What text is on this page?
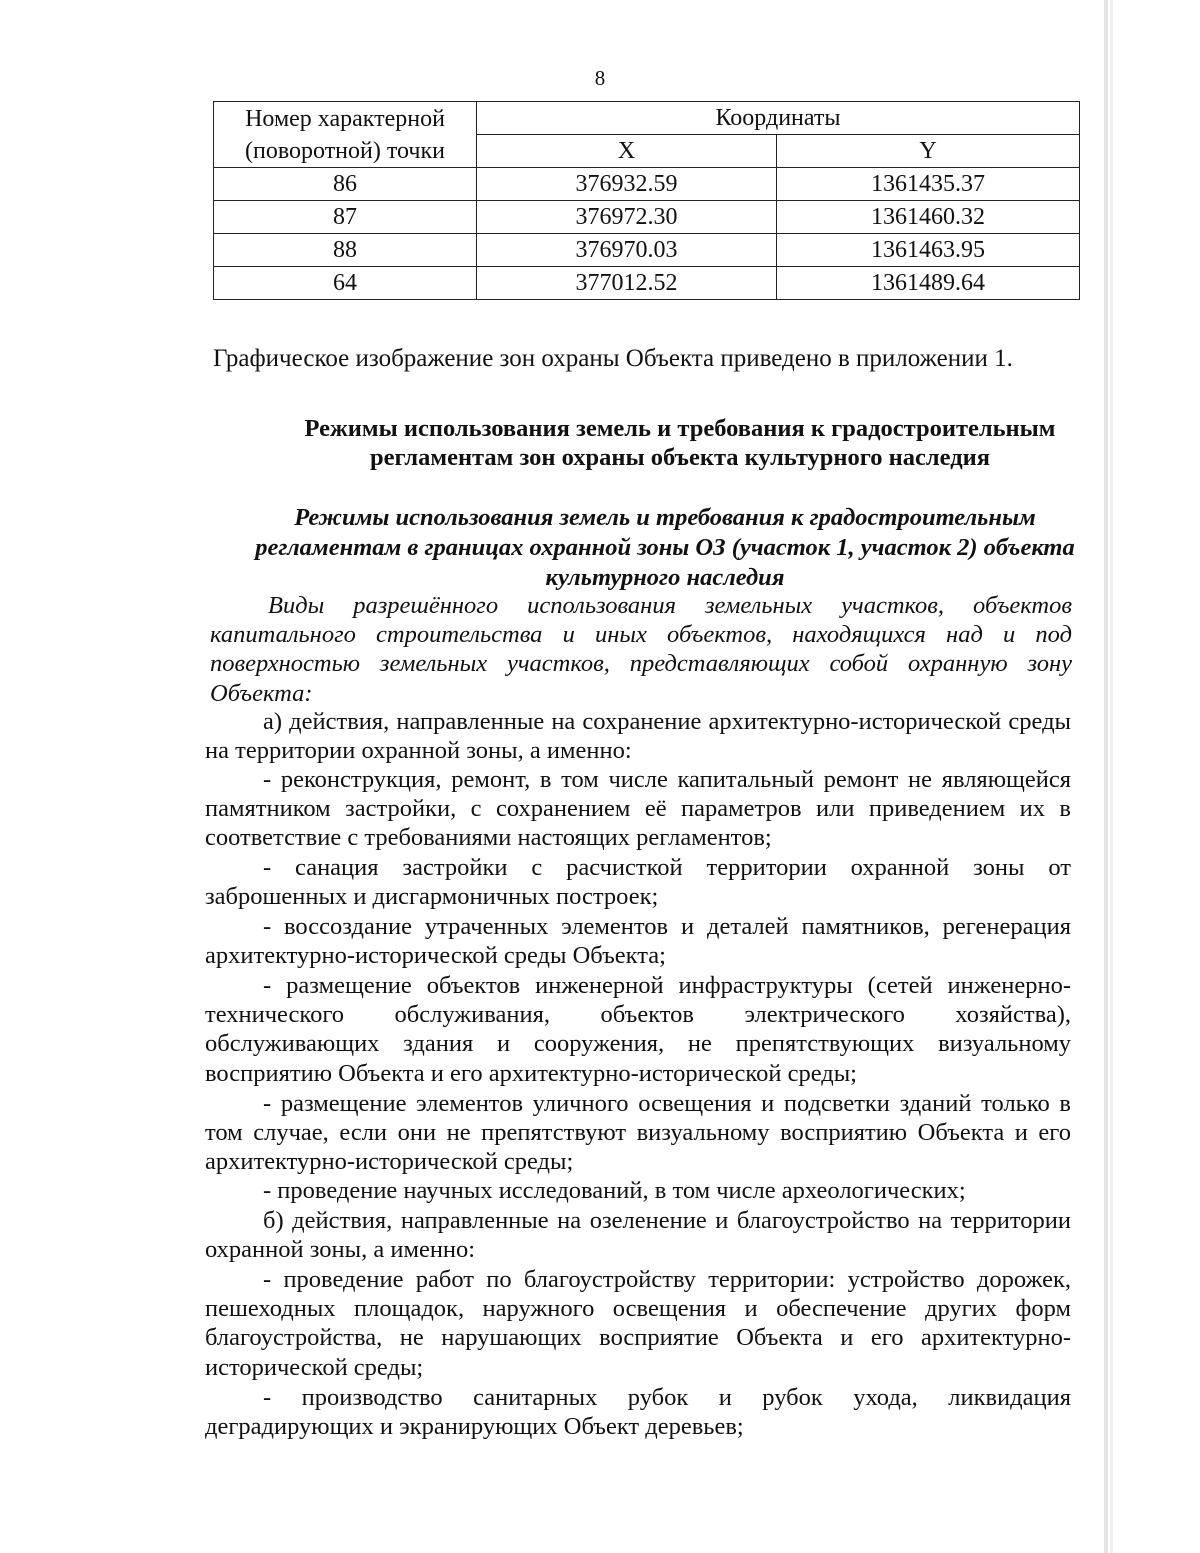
8
Номер характерной (поворотной) точки	Координаты	
	X	Y
86	376932.59	1361435.37
87	376972.30	1361460.32
88	376970.03	1361463.95
64	377012.52	1361489.64

Графическое изображение зон охраны Объекта приведено в приложении 1.

Режимы использования земель и требования к градостроительным регламентам зон охраны объекта культурного наследия

Режимы использования земель и требования к градостроительным регламентам в границах охранной зоны ОЗ (участок 1, участок 2) объекта культурного наследия

Виды разрешённого использования земельных участков, объектов капитального строительства и иных объектов, находящихся над и под поверхностью земельных участков, представляющих собой охранную зону Объекта:

а) действия, направленные на сохранение архитектурно-исторической среды на территории охранной зоны, а именно:

- реконструкция, ремонт, в том числе капитальный ремонт не являющейся памятником застройки, с сохранением её параметров или приведением их в соответствие с требованиями настоящих регламентов;

- санация застройки с расчисткой территории охранной зоны от заброшенных и дисгармоничных построек;

- воссоздание утраченных элементов и деталей памятников, регенерация архитектурно-исторической среды Объекта;

- размещение объектов инженерной инфраструктуры (сетей инженерно-технического обслуживания, объектов электрического хозяйства), обслуживающих здания и сооружения, не препятствующих визуальному восприятию Объекта и его архитектурно-исторической среды;

- размещение элементов уличного освещения и подсветки зданий только в том случае, если они не препятствуют визуальному восприятию Объекта и его архитектурно-исторической среды;

- проведение научных исследований, в том числе археологических;

б) действия, направленные на озеленение и благоустройство на территории охранной зоны, а именно:

- проведение работ по благоустройству территории: устройство дорожек, пешеходных площадок, наружного освещения и обеспечение других форм благоустройства, не нарушающих восприятие Объекта и его архитектурно-исторической среды;

- производство санитарных рубок и рубок ухода, ликвидация деградирующих и экранирующих Объект деревьев;
